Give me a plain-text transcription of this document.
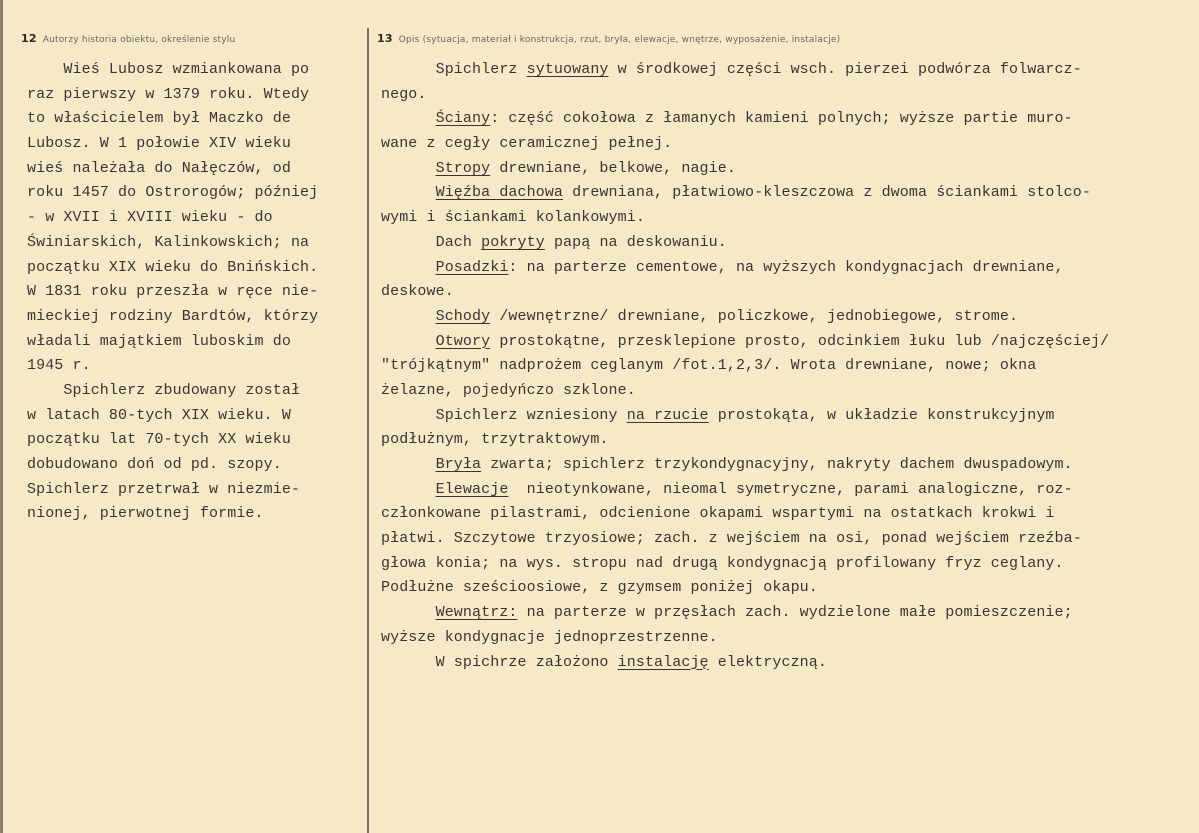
12 Autorzy historia obiektu, określenie stylu	13 Opis (sytuacja, materiał i konstrukcja, rzut, bryła, elewacje, wnętrze, wyposażenie, instalacje)
Wieś Lubosz wzmiankowana po
raz pierwszy w 1379 roku. Wtedy
to właścicielem był Maczko de
Lubosz. W 1 połowie XIV wieku
wieś należała do Nałęczów, od
roku 1457 do Ostrorogów; później
- w XVII i XVIII wieku - do
Świniarskich, Kalinkowskich; na
początku XIX wieku do Bnińskich.
W 1831 roku przeszła w ręce nie-
mieckiej rodziny Bardtów, którzy
władali majątkiem luboskim do
1945 r.
Spichlerz zbudowany został
w latach 80-tych XIX wieku. W
początku lat 70-tych XX wieku
dobudowano doń od pd. szopy.
Spichlerz przetrwał w niezmie-
nionej, pierwotnej formie.
Spichlerz sytuowany w środkowej części wsch. pierzei podwórza folwarcz-
nego.
Ściany: część cokołowa z łamanych kamieni polnych; wyższe partie muro-
wane z cegły ceramicznej pełnej.
Stropy drewniane, belkowe, nagie.
Więźba dachowa drewniana, płatwiowo-kleszczowa z dwoma ściankami stolco-
wymi i ściankami kolankowymi.
Dach pokryty papą na deskowaniu.
Posadzki: na parterze cementowe, na wyższych kondygnacjach drewniane,
deskowe.
Schody /wewnętrzne/ drewniane, policzkowe, jednobiegowe, strome.
Otwory prostokątne, przesklepione prosto, odcinkiem łuku lub /najczęściej/
"trójkątnym" nadprożem ceglanym /fot.1,2,3/. Wrota drewniane, nowe; okna
żelazne, pojedyńczo szklone.
Spichlerz wzniesiony na rzucie prostokąta, w układzie konstrukcyjnym
podłużnym, trzytraktowym.
Bryła zwarta; spichlerz trzykondygnacyjny, nakryty dachem dwuspadowym.
Elewacje  nieotynkowane, nieomal symetryczne, parami analogiczne, roz-
członkowane pilastrami, odcienione okapami wspartymi na ostatkach krokwi i
płatwi. Szczytowe trzyosiowe; zach. z wejściem na osi, ponad wejściem rzeźba-
głowa konia; na wys. stropu nad drugą kondygnacją profilowany fryz ceglany.
Podłużne sześcioosiowe, z gzymsem poniżej okapu.
Wewnątrz: na parterze w przęsłach zach. wydzielone małe pomieszczenie;
wyższe kondygnacje jednoprzestrzenne.
W spichrze założono instalację elektryczną.
